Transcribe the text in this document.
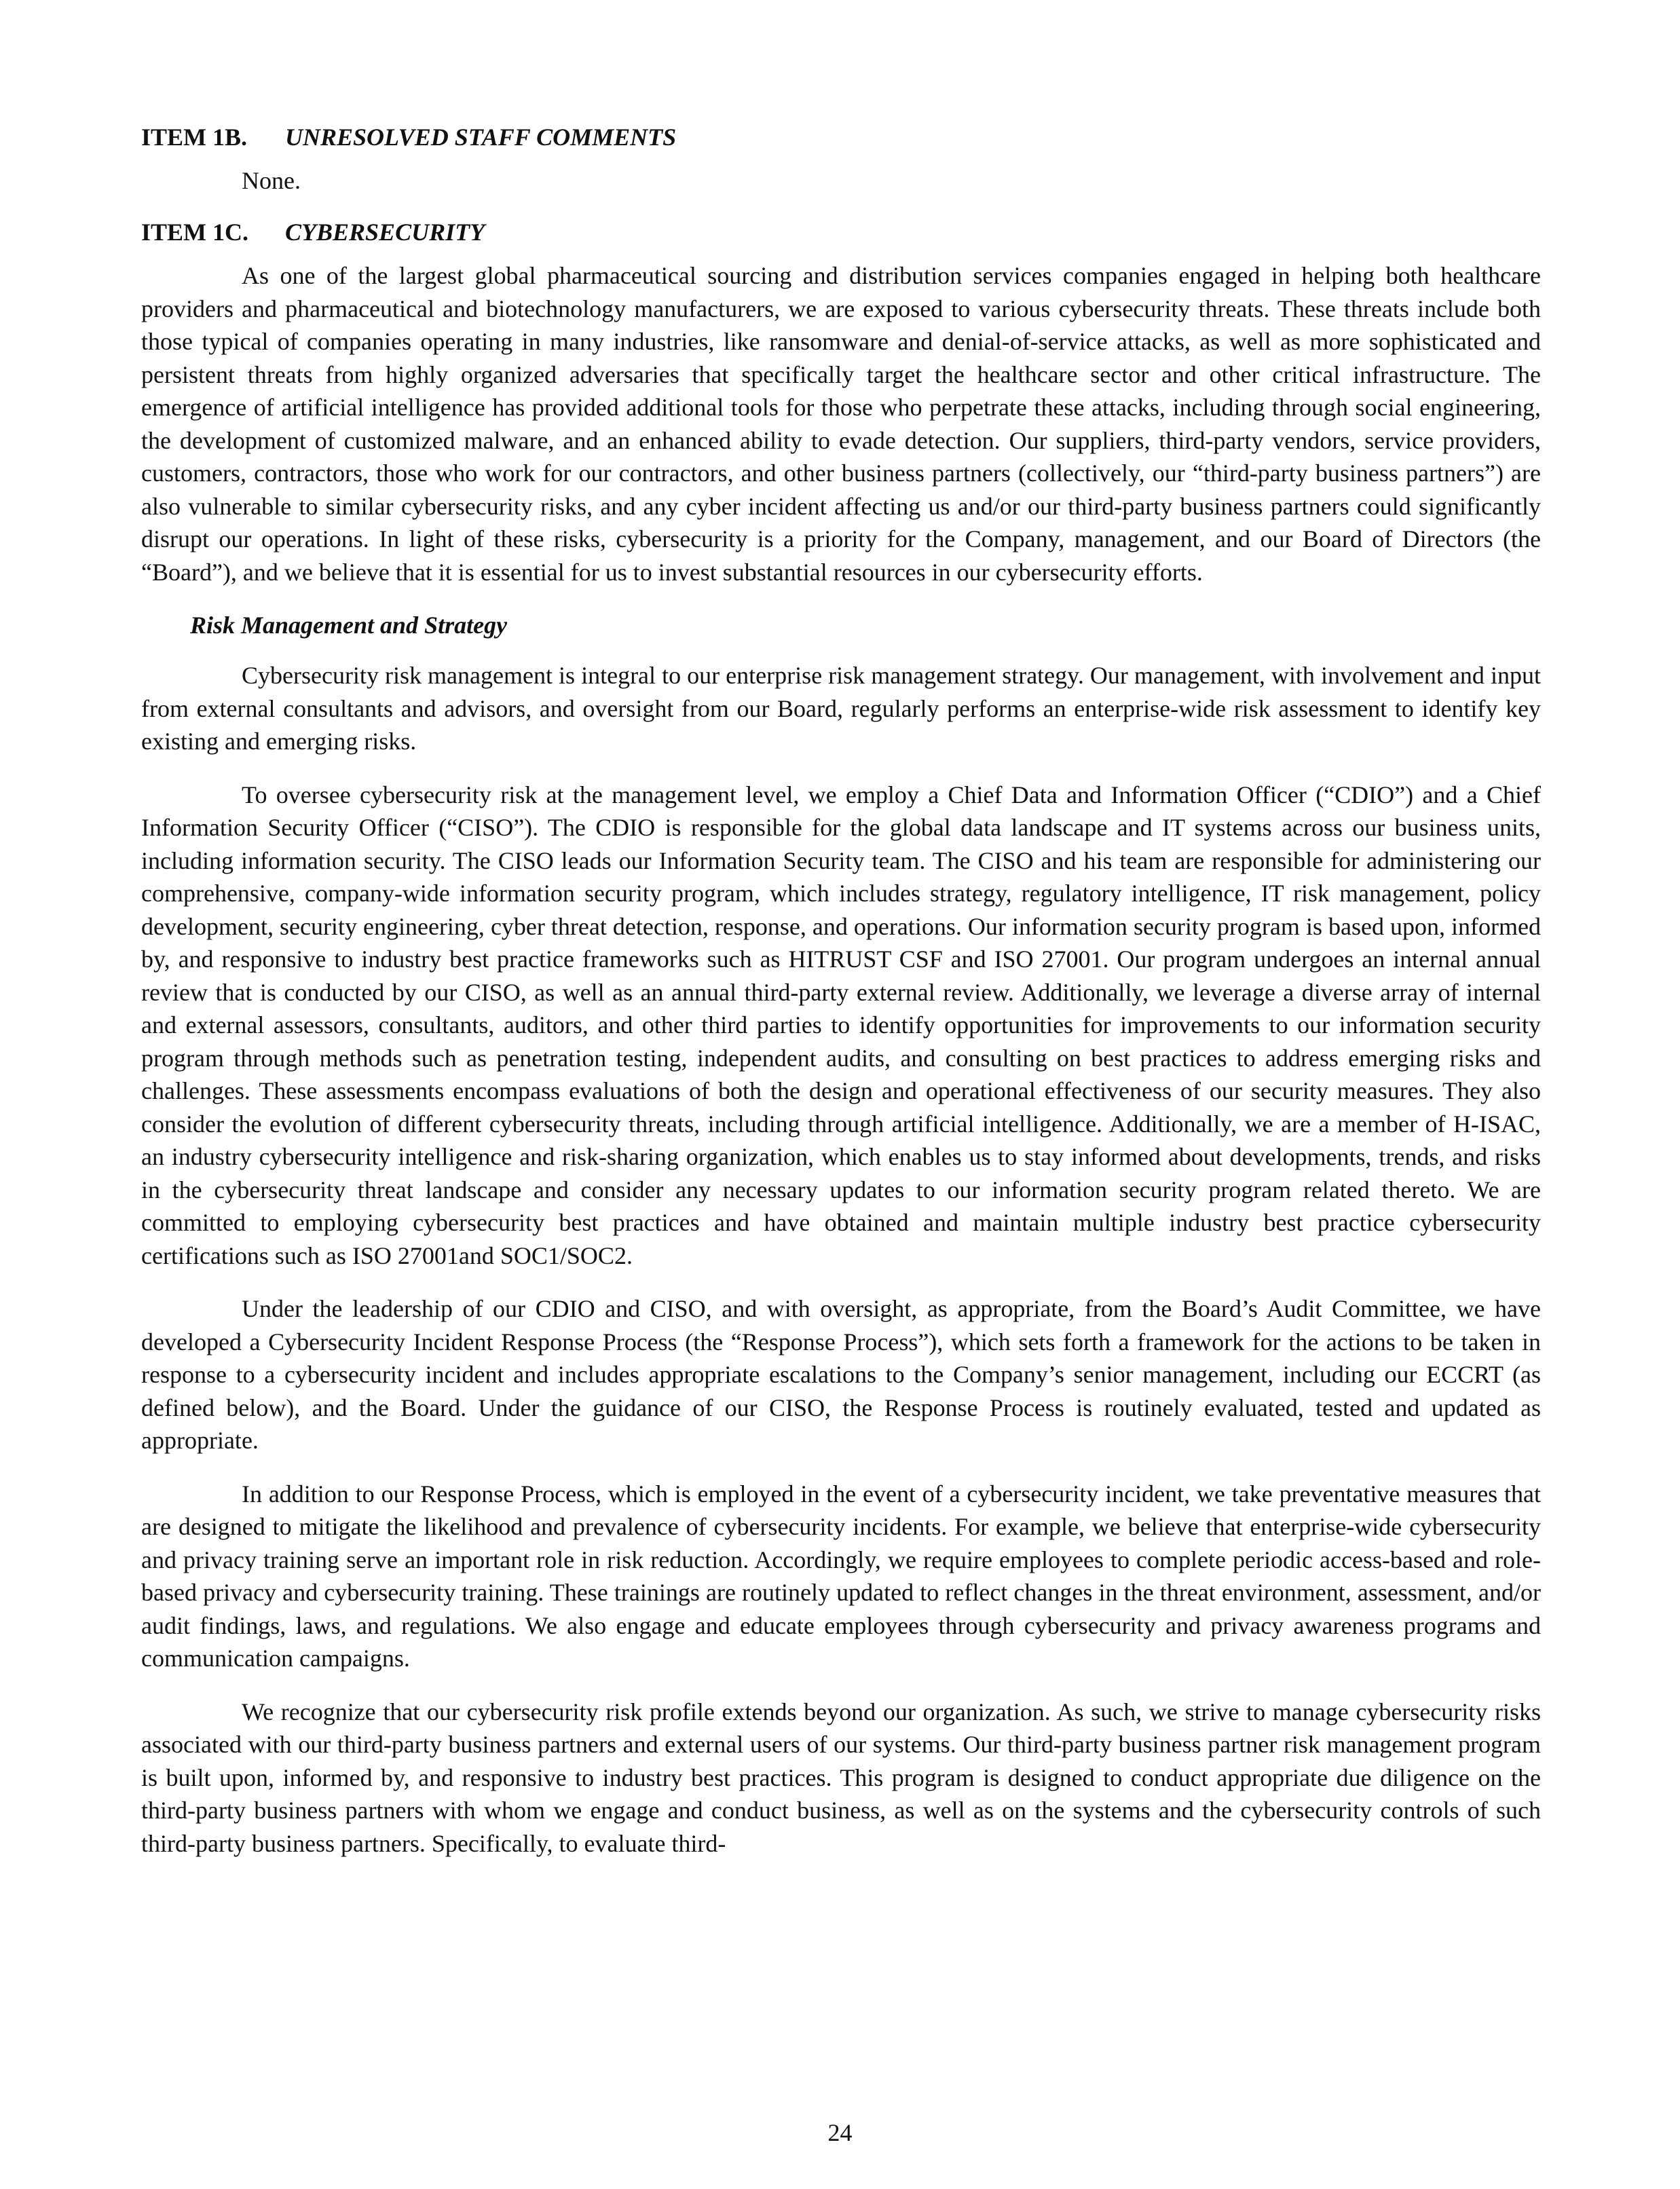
ITEM 1B. UNRESOLVED STAFF COMMENTS
None.
ITEM 1C. CYBERSECURITY

As one of the largest global pharmaceutical sourcing and distribution services companies engaged in helping both healthcare providers and pharmaceutical and biotechnology manufacturers, we are exposed to various cybersecurity threats. These threats include both those typical of companies operating in many industries, like ransomware and denial-of-service attacks, as well as more sophisticated and persistent threats from highly organized adversaries that specifically target the healthcare sector and other critical infrastructure. The emergence of artificial intelligence has provided additional tools for those who perpetrate these attacks, including through social engineering, the development of customized malware, and an enhanced ability to evade detection. Our suppliers, third-party vendors, service providers, customers, contractors, those who work for our contractors, and other business partners (collectively, our “third-party business partners”) are also vulnerable to similar cybersecurity risks, and any cyber incident affecting us and/or our third-party business partners could significantly disrupt our operations. In light of these risks, cybersecurity is a priority for the Company, management, and our Board of Directors (the “Board”), and we believe that it is essential for us to invest substantial resources in our cybersecurity efforts.

Risk Management and Strategy

Cybersecurity risk management is integral to our enterprise risk management strategy. Our management, with involvement and input from external consultants and advisors, and oversight from our Board, regularly performs an enterprise-wide risk assessment to identify key existing and emerging risks.

To oversee cybersecurity risk at the management level, we employ a Chief Data and Information Officer (“CDIO”) and a Chief Information Security Officer (“CISO”). The CDIO is responsible for the global data landscape and IT systems across our business units, including information security. The CISO leads our Information Security team. The CISO and his team are responsible for administering our comprehensive, company-wide information security program, which includes strategy, regulatory intelligence, IT risk management, policy development, security engineering, cyber threat detection, response, and operations. Our information security program is based upon, informed by, and responsive to industry best practice frameworks such as HITRUST CSF and ISO 27001. Our program undergoes an internal annual review that is conducted by our CISO, as well as an annual third-party external review. Additionally, we leverage a diverse array of internal and external assessors, consultants, auditors, and other third parties to identify opportunities for improvements to our information security program through methods such as penetration testing, independent audits, and consulting on best practices to address emerging risks and challenges. These assessments encompass evaluations of both the design and operational effectiveness of our security measures. They also consider the evolution of different cybersecurity threats, including through artificial intelligence. Additionally, we are a member of H-ISAC, an industry cybersecurity intelligence and risk-sharing organization, which enables us to stay informed about developments, trends, and risks in the cybersecurity threat landscape and consider any necessary updates to our information security program related thereto. We are committed to employing cybersecurity best practices and have obtained and maintain multiple industry best practice cybersecurity certifications such as ISO 27001and SOC1/SOC2.

Under the leadership of our CDIO and CISO, and with oversight, as appropriate, from the Board’s Audit Committee, we have developed a Cybersecurity Incident Response Process (the “Response Process”), which sets forth a framework for the actions to be taken in response to a cybersecurity incident and includes appropriate escalations to the Company’s senior management, including our ECCRT (as defined below), and the Board. Under the guidance of our CISO, the Response Process is routinely evaluated, tested and updated as appropriate.

In addition to our Response Process, which is employed in the event of a cybersecurity incident, we take preventative measures that are designed to mitigate the likelihood and prevalence of cybersecurity incidents. For example, we believe that enterprise-wide cybersecurity and privacy training serve an important role in risk reduction. Accordingly, we require employees to complete periodic access-based and role-based privacy and cybersecurity training. These trainings are routinely updated to reflect changes in the threat environment, assessment, and/or audit findings, laws, and regulations. We also engage and educate employees through cybersecurity and privacy awareness programs and communication campaigns.

We recognize that our cybersecurity risk profile extends beyond our organization. As such, we strive to manage cybersecurity risks associated with our third-party business partners and external users of our systems. Our third-party business partner risk management program is built upon, informed by, and responsive to industry best practices. This program is designed to conduct appropriate due diligence on the third-party business partners with whom we engage and conduct business, as well as on the systems and the cybersecurity controls of such third-party business partners. Specifically, to evaluate third-

24
